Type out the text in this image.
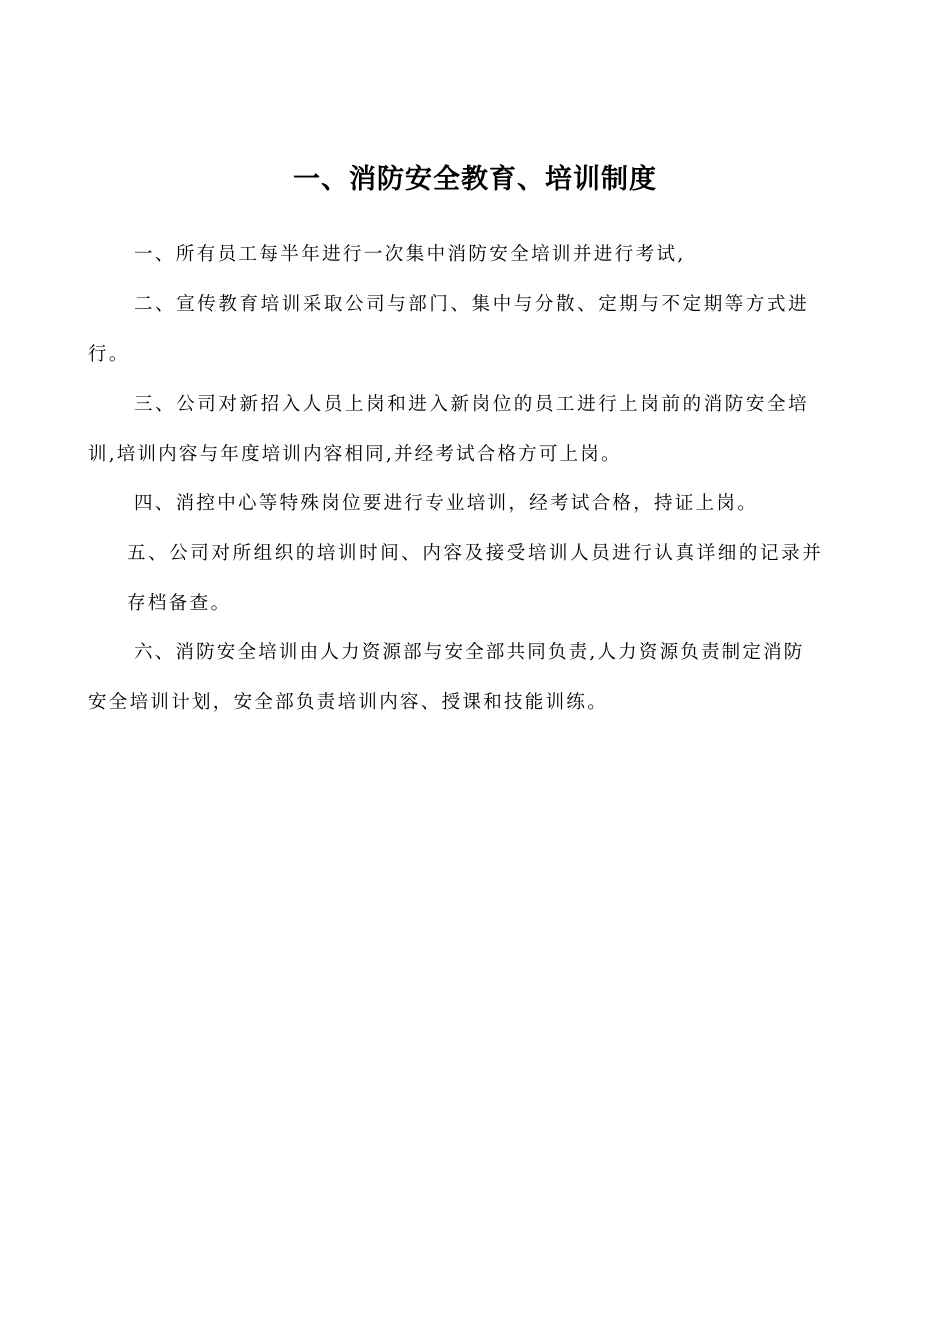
一、消防安全教育、培训制度

一、所有员工每半年进行一次集中消防安全培训并进行考试,

二、宣传教育培训采取公司与部门、集中与分散、定期与不定期等方式进

行。

三、公司对新招入人员上岗和进入新岗位的员工进行上岗前的消防安全培

训,培训内容与年度培训内容相同,并经考试合格方可上岗。

四、消控中心等特殊岗位要进行专业培训，经考试合格，持证上岗。

五、公司对所组织的培训时间、内容及接受培训人员进行认真详细的记录并

存档备查。

六、消防安全培训由人力资源部与安全部共同负责,人力资源负责制定消防

安全培训计划，安全部负责培训内容、授课和技能训练。
